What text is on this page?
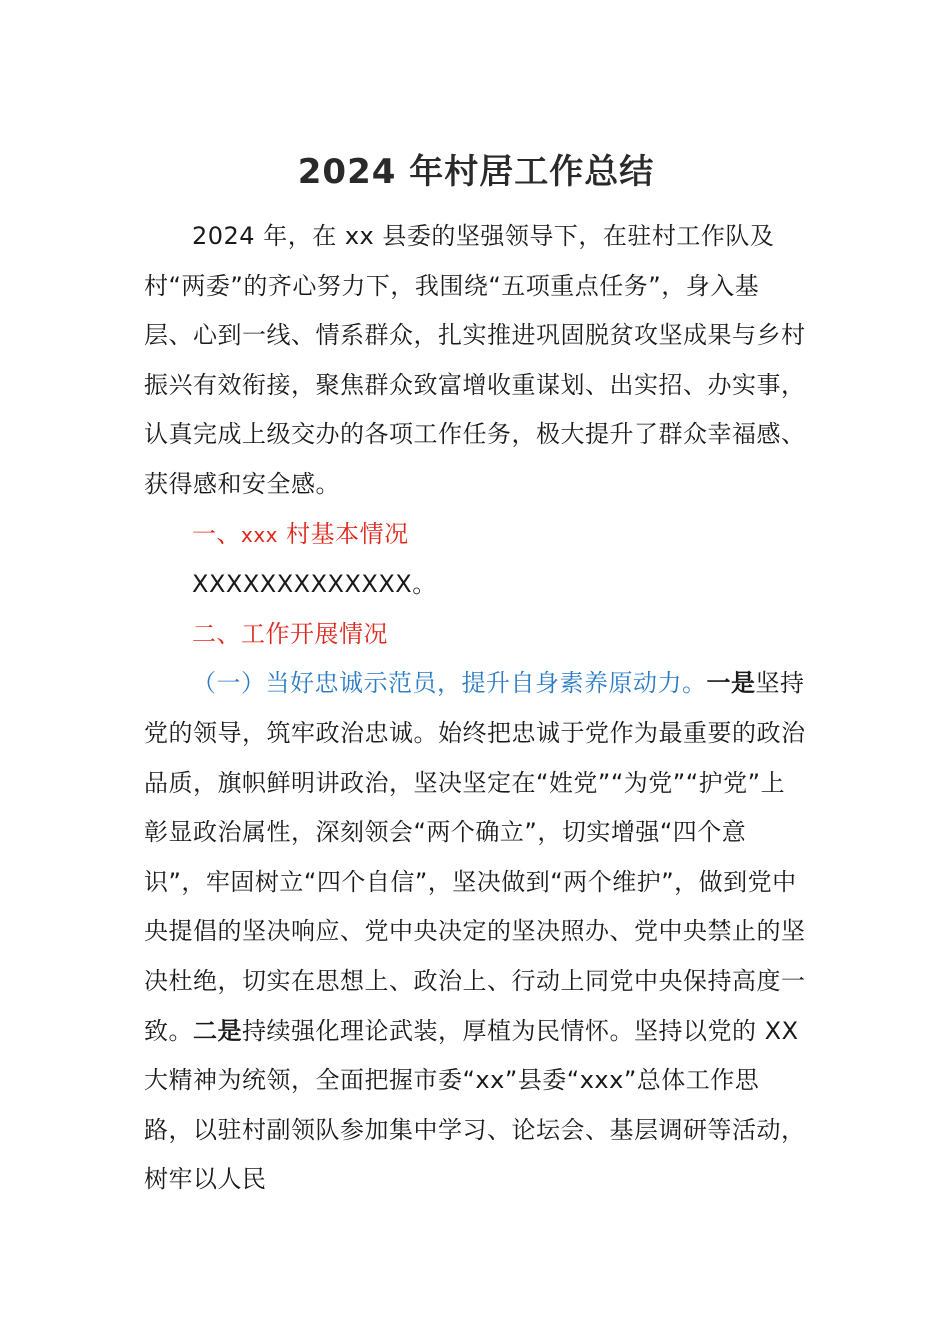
2024 年村居工作总结

2024 年，在 xx 县委的坚强领导下，在驻村工作队及村“两委”的齐心努力下，我围绕“五项重点任务”，身入基层、心到一线、情系群众，扎实推进巩固脱贫攻坚成果与乡村振兴有效衔接，聚焦群众致富增收重谋划、出实招、办实事，认真完成上级交办的各项工作任务，极大提升了群众幸福感、获得感和安全感。

一、xxx 村基本情况

XXXXXXXXXXXXX。

二、工作开展情况

（一）当好忠诚示范员，提升自身素养原动力。一是坚持党的领导，筑牢政治忠诚。始终把忠诚于党作为最重要的政治品质，旗帜鲜明讲政治，坚决坚定在“姓党”“为党”“护党”上彰显政治属性，深刻领会“两个确立”，切实增强“四个意识”，牢固树立“四个自信”，坚决做到“两个维护”，做到党中央提倡的坚决响应、党中央决定的坚决照办、党中央禁止的坚决杜绝，切实在思想上、政治上、行动上同党中央保持高度一致。二是持续强化理论武装，厚植为民情怀。坚持以党的 XX 大精神为统领，全面把握市委“xx”县委“xxx”总体工作思路，以驻村副领队参加集中学习、论坛会、基层调研等活动，树牢以人民
